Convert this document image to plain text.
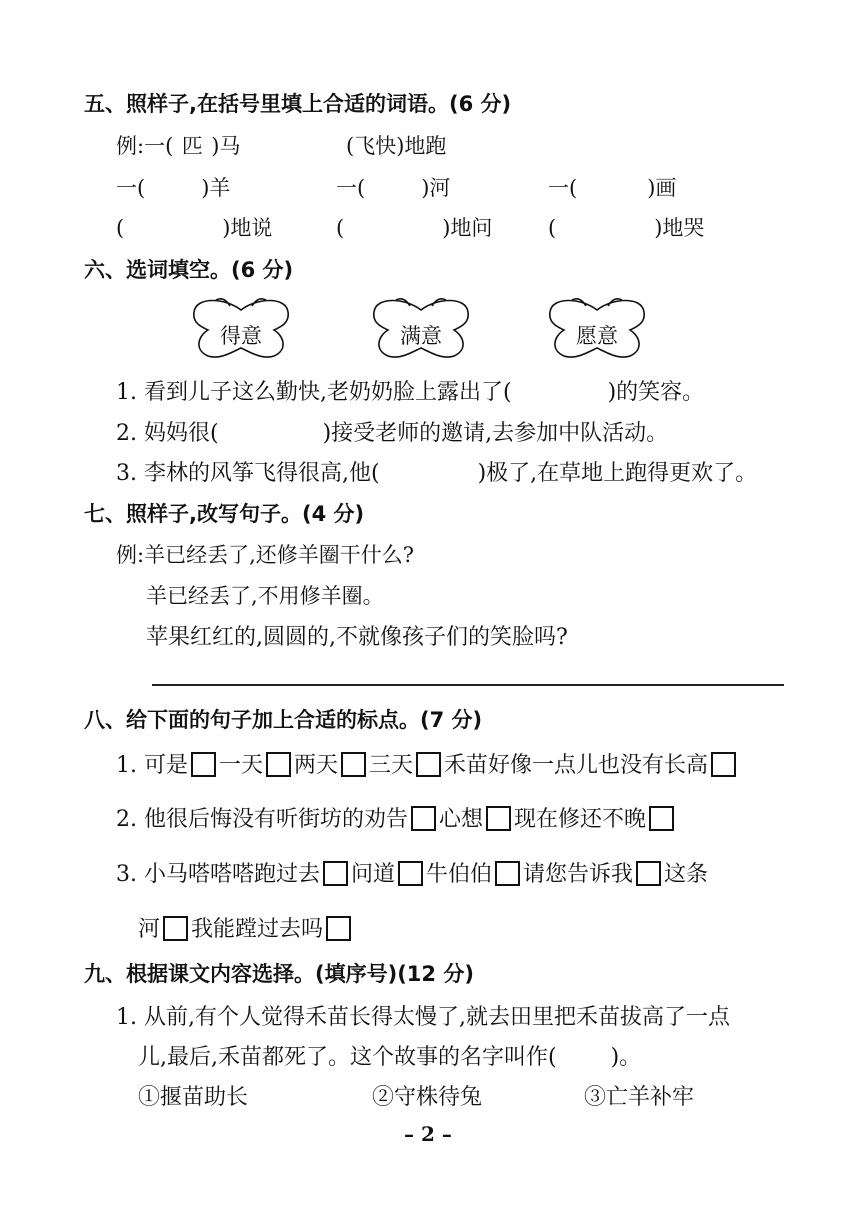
五、照样子,在括号里填上合适的词语。(6 分)
例:一( 匹 )马	(飞快)地跑
一(	)羊	一(	)河	一(	)画
(	)地说	(	)地问	(	)地哭
六、选词填空。(6 分)
得意	满意	愿意
1. 看到儿子这么勤快,老奶奶脸上露出了(	)的笑容。
2. 妈妈很(	)接受老师的邀请,去参加中队活动。
3. 李林的风筝飞得很高,他(	)极了,在草地上跑得更欢了。
七、照样子,改写句子。(4 分)
例:羊已经丢了,还修羊圈干什么?
羊已经丢了,不用修羊圈。
苹果红红的,圆圆的,不就像孩子们的笑脸吗?
八、给下面的句子加上合适的标点。(7 分)
1. 可是 一天 两天 三天 禾苗好像一点儿也没有长高
2. 他很后悔没有听街坊的劝告 心想 现在修还不晚
3. 小马嗒嗒嗒跑过去 问道 牛伯伯 请您告诉我 这条
河 我能蹚过去吗
九、根据课文内容选择。(填序号)(12 分)
1. 从前,有个人觉得禾苗长得太慢了,就去田里把禾苗拔高了一点
儿,最后,禾苗都死了。这个故事的名字叫作( )。
①揠苗助长	②守株待兔	③亡羊补牢
– 2 –
